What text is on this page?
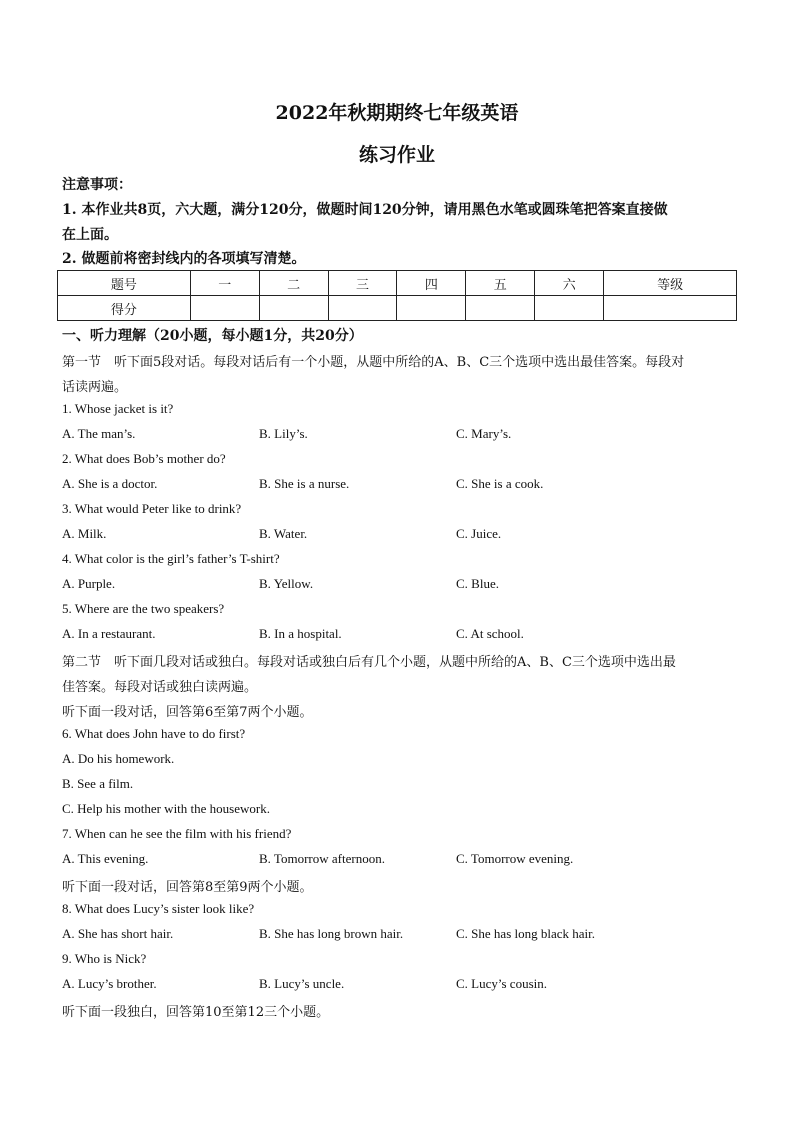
2022年秋期期终七年级英语
练习作业
注意事项：
1. 本作业共8页，六大题，满分120分，做题时间120分钟，请用黑色水笔或圆珠笔把答案直接做
在上面。
2. 做题前将密封线内的各项填写清楚。
题号	一	二	三	四	五	六	等级
得分							
一、听力理解（20小题，每小题1分，共20分）
第一节　听下面5段对话。每段对话后有一个小题，从题中所给的A、B、C三个选项中选出最佳答案。每段对
话读两遍。
1. Whose jacket is it?
A. The man’s.	B. Lily’s.	C. Mary’s.
2. What does Bob’s mother do?
A. She is a doctor.	B. She is a nurse.	C. She is a cook.
3. What would Peter like to drink?
A. Milk.	B. Water.	C. Juice.
4. What color is the girl’s father’s T-shirt?
A. Purple.	B. Yellow.	C. Blue.
5. Where are the two speakers?
A. In a restaurant.	B. In a hospital.	C. At school.
第二节　听下面几段对话或独白。每段对话或独白后有几个小题，从题中所给的A、B、C三个选项中选出最
佳答案。每段对话或独白读两遍。
听下面一段对话，回答第6至第7两个小题。
6. What does John have to do first?
A. Do his homework.
B. See a film.
C. Help his mother with the housework.
7. When can he see the film with his friend?
A. This evening.	B. Tomorrow afternoon.	C. Tomorrow evening.
听下面一段对话，回答第8至第9两个小题。
8. What does Lucy’s sister look like?
A. She has short hair.	B. She has long brown hair.	C. She has long black hair.
9. Who is Nick?
A. Lucy’s brother.	B. Lucy’s uncle.	C. Lucy’s cousin.
听下面一段独白，回答第10至第12三个小题。
